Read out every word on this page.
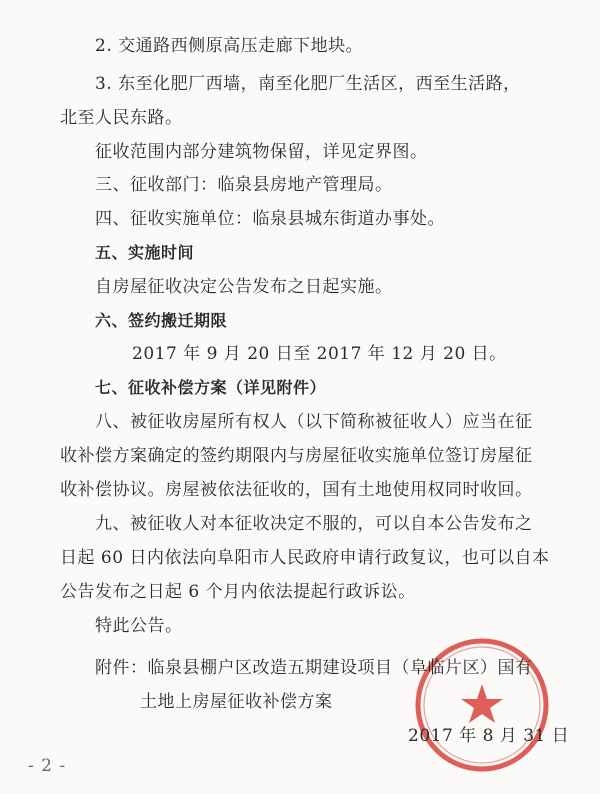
2. 交通路西侧原高压走廊下地块。
3. 东至化肥厂西墙，南至化肥厂生活区，西至生活路，
北至人民东路。
征收范围内部分建筑物保留，详见定界图。
三、征收部门：临泉县房地产管理局。
四、征收实施单位：临泉县城东街道办事处。
五、实施时间
自房屋征收决定公告发布之日起实施。
六、签约搬迁期限
2017 年 9 月 20 日至 2017 年 12 月 20 日。
七、征收补偿方案（详见附件）
八、被征收房屋所有权人（以下简称被征收人）应当在征
收补偿方案确定的签约期限内与房屋征收实施单位签订房屋征
收补偿协议。房屋被依法征收的，国有土地使用权同时收回。
九、被征收人对本征收决定不服的，可以自本公告发布之
日起 60 日内依法向阜阳市人民政府申请行政复议，也可以自本
公告发布之日起 6 个月内依法提起行政诉讼。
特此公告。
附件：临泉县棚户区改造五期建设项目（阜临片区）国有
土地上房屋征收补偿方案
2017 年 8 月 31 日
- 2 -
